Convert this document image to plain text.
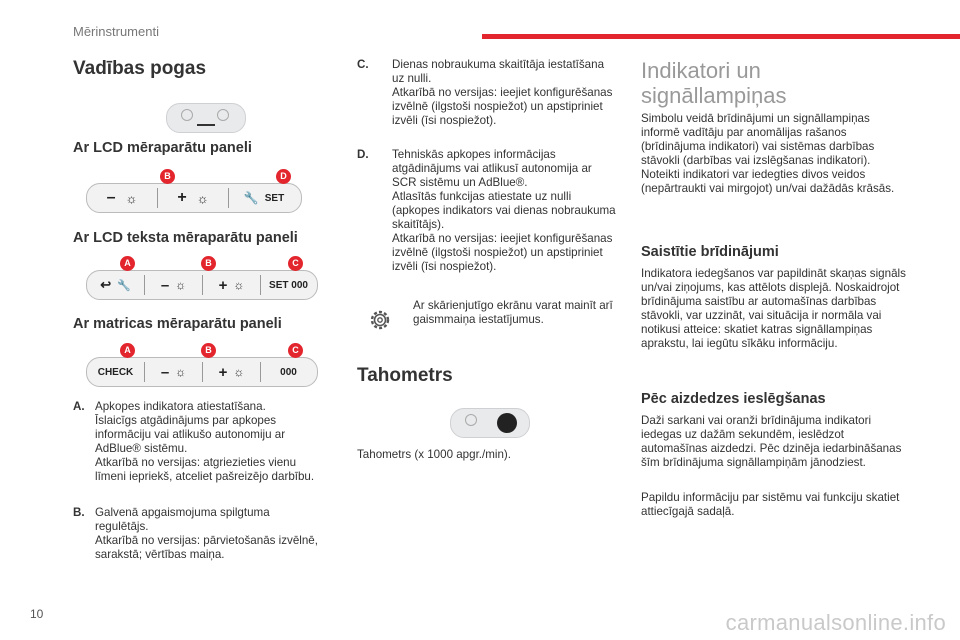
Mērinstrumenti
Vadības pogas
Ar LCD mēraparātu paneli
– ☼ + ☼	🔧 SET
B	D
Ar LCD teksta mēraparātu paneli
↩ 🔧 – ☼ + ☼	SET 000
A	B	C
Ar matricas mēraparātu paneli
CHECK	– ☼ + ☼	000
A	B	C
A. Apkopes indikatora atiestatīšana.
Īslaicīgs atgādinājums par apkopes informāciju vai atlikušo autonomiju ar AdBlue® sistēmu.
Atkarībā no versijas: atgriezieties vienu līmeni iepriekš, atceliet pašreizējo darbību.
B. Galvenā apgaismojuma spilgtuma regulētājs.
Atkarībā no versijas: pārvietošanās izvēlnē, sarakstā; vērtības maiņa.
C.	Dienas nobraukuma skaitītāja iestatīšana uz nulli.
Atkarībā no versijas: ieejiet konfigurēšanas izvēlnē (ilgstoši nospiežot) un apstipriniet izvēli (īsi nospiežot).
D.	Tehniskās apkopes informācijas atgādinājums vai atlikusī autonomija ar SCR sistēmu un AdBlue®.
Atlasītās funkcijas atiestate uz nulli (apkopes indikators vai dienas nobraukuma skaitītājs).
Atkarībā no versijas: ieejiet konfigurēšanas izvēlnē (ilgstoši nospiežot) un apstipriniet izvēli (īsi nospiežot).
Ar skārienjutīgo ekrānu varat mainīt arī gaismmaiņa iestatījumus.
Tahometrs
Tahometrs (x 1000 apgr./min).
Indikatori un signāllampiņas
Simbolu veidā brīdinājumi un signāllampiņas informē vadītāju par anomālijas rašanos (brīdinājuma indikatori) vai sistēmas darbības stāvokli (darbības vai izslēgšanas indikatori). Noteikti indikatori var iedegties divos veidos (nepārtraukti vai mirgojot) un/vai dažādās krāsās.
Saistītie brīdinājumi
Indikatora iedegšanos var papildināt skaņas signāls un/vai ziņojums, kas attēlots displejā. Noskaidrojot brīdinājuma saistību ar automašīnas darbības stāvokli, var uzzināt, vai situācija ir normāla vai notikusi atteice: skatiet katras signāllampiņas aprakstu, lai iegūtu sīkāku informāciju.
Pēc aizdedzes ieslēgšanas
Daži sarkani vai oranži brīdinājuma indikatori iedegas uz dažām sekundēm, ieslēdzot automašīnas aizdedzi. Pēc dzinēja iedarbināšanas šīm brīdinājuma signāllampiņām jānodziest.
Papildu informāciju par sistēmu vai funkciju skatiet attiecīgajā sadaļā.
10	carmanualsonline.info
